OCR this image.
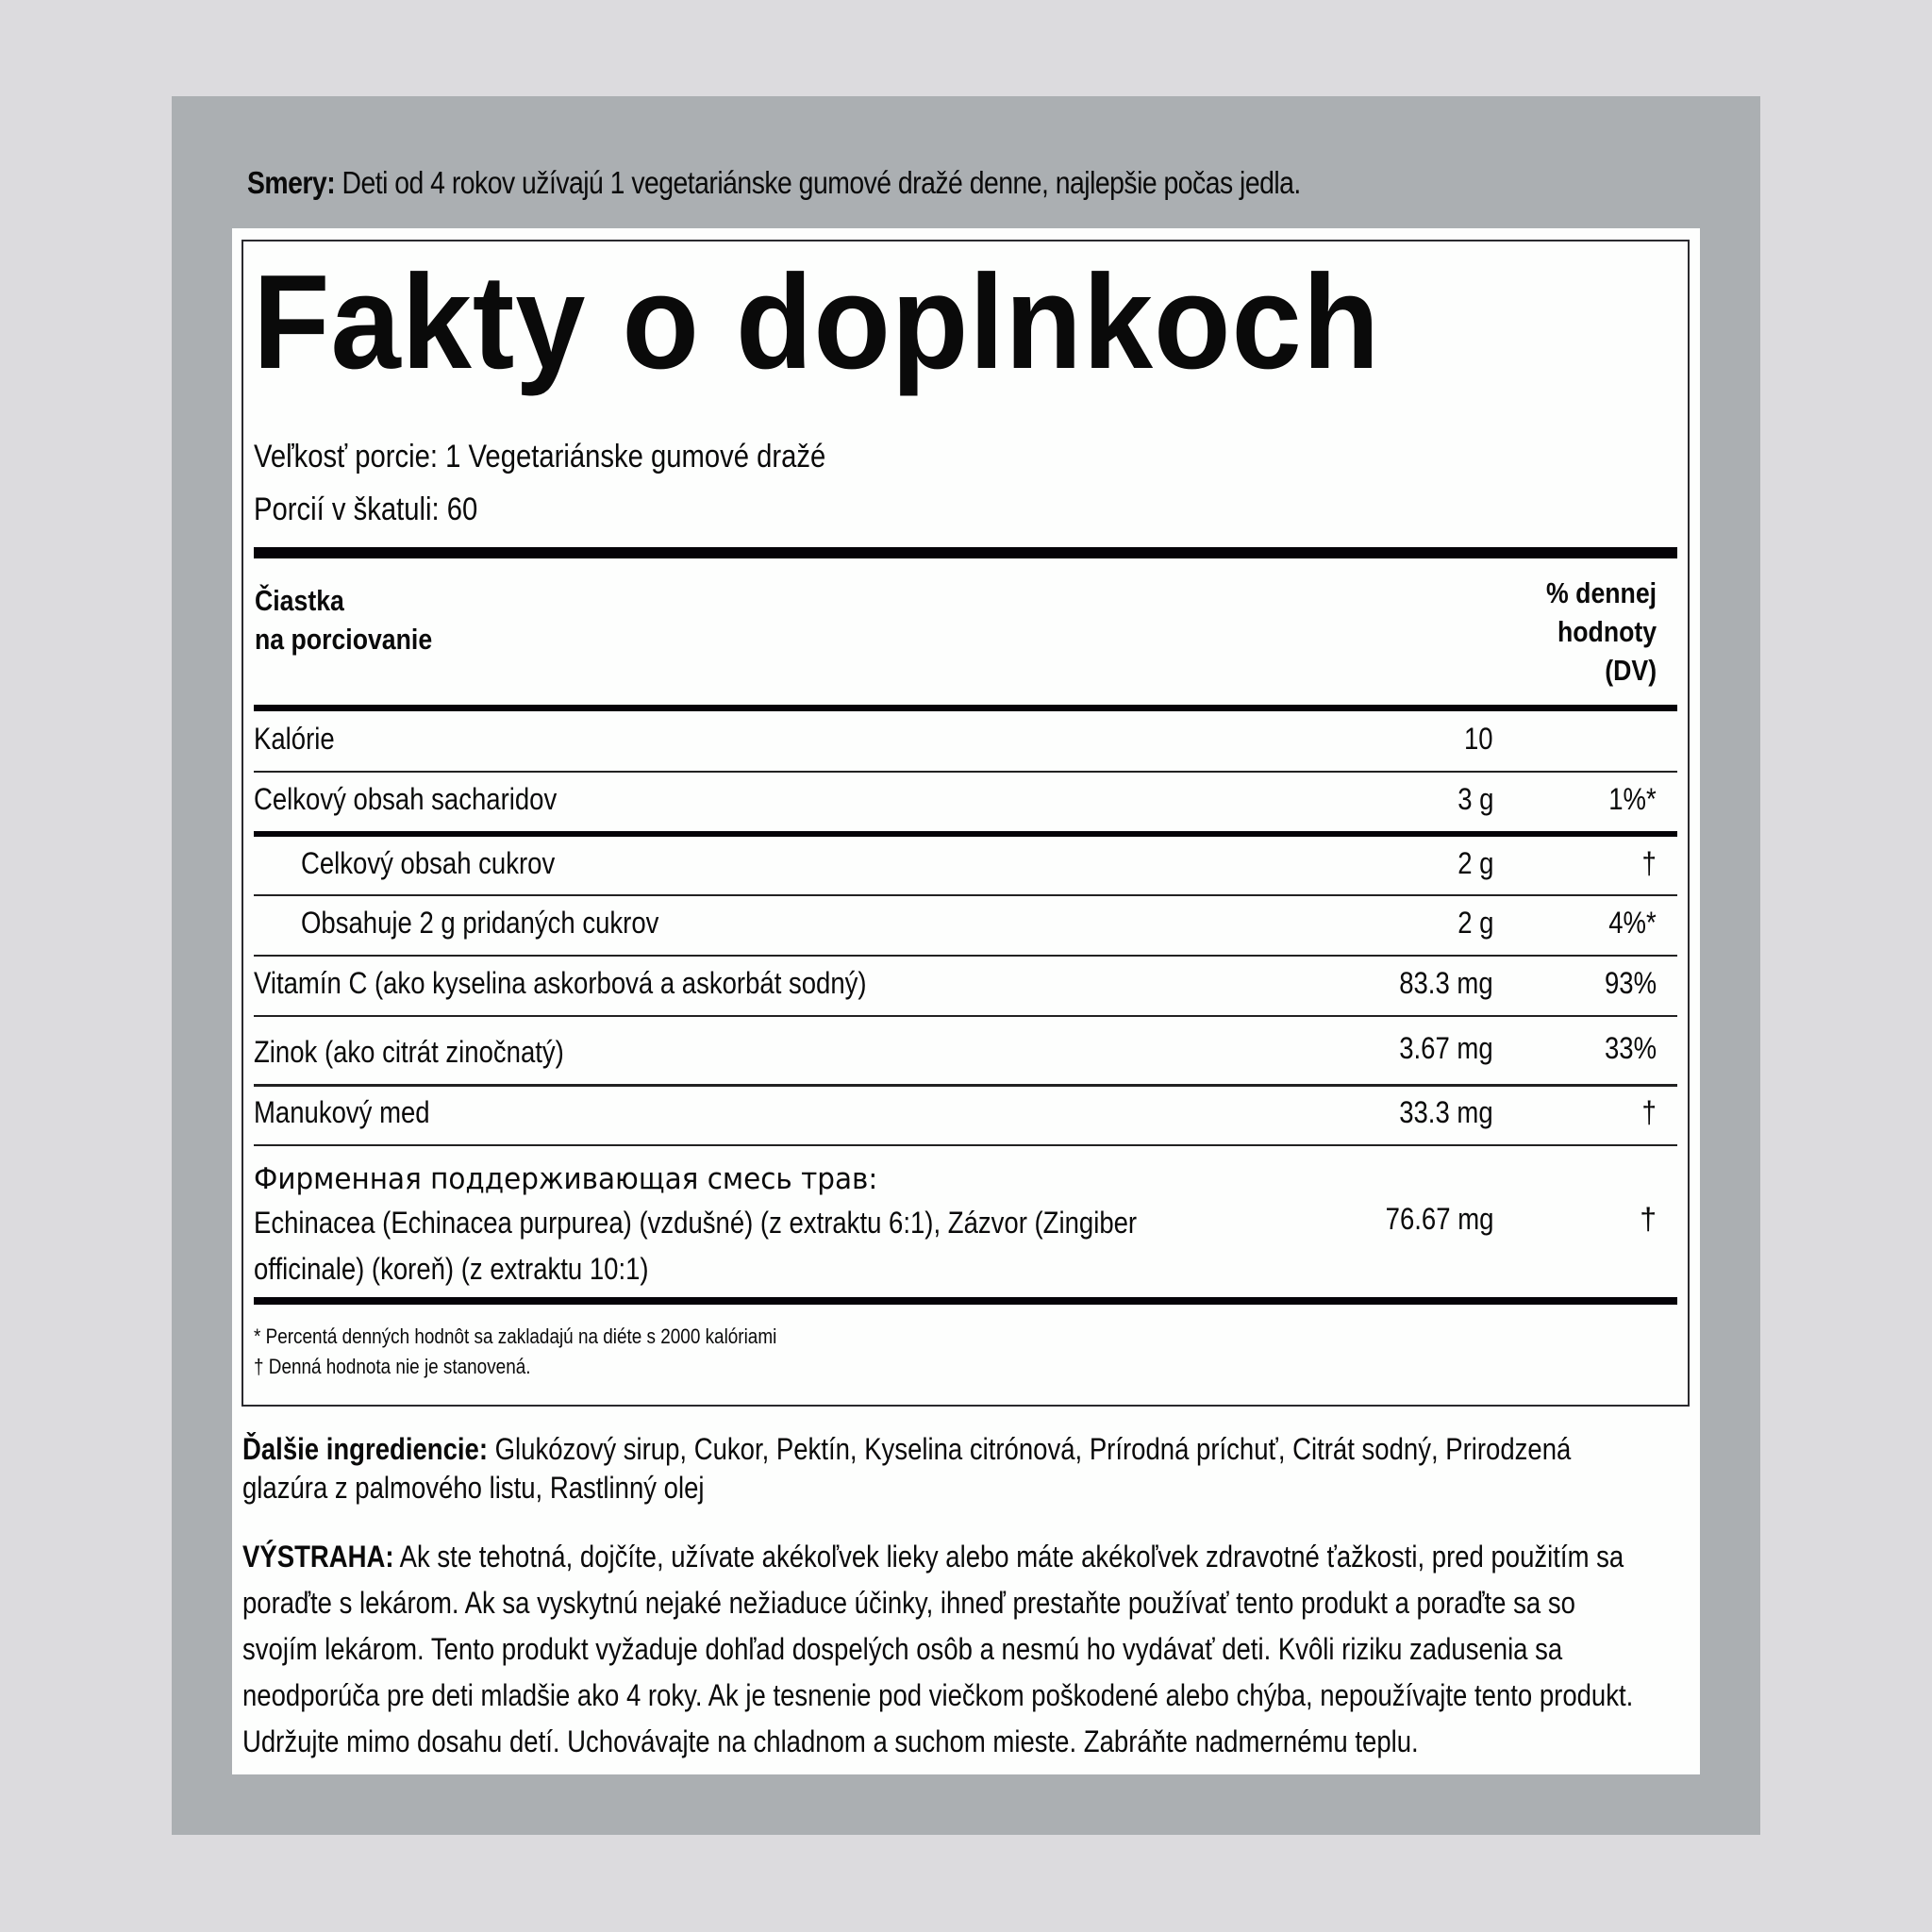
Smery: Deti od 4 rokov užívajú 1 vegetariánske gumové dražé denne, najlepšie počas jedla.
Fakty o doplnkoch
Veľkosť porcie: 1 Vegetariánske gumové dražé
Porcií v škatuli: 60
Čiastka
na porciovanie
% dennej
hodnoty
(DV)
Kalórie	10
Celkový obsah sacharidov	3 g	1%*
Celkový obsah cukrov	2 g	†
Obsahuje 2 g pridaných cukrov	2 g	4%*
Vitamín C (ako kyselina askorbová a askorbát sodný)	83.3 mg	93%
Zinok (ako citrát zinočnatý)	3.67 mg	33%
Manukový med	33.3 mg	†
Фирменная поддерживающая смесь трав:
Echinacea (Echinacea purpurea) (vzdušné) (z extraktu 6:1), Zázvor (Zingiber
officinale) (koreň) (z extraktu 10:1)
76.67 mg	†
* Percentá denných hodnôt sa zakladajú na diéte s 2000 kalóriami
† Denná hodnota nie je stanovená.
Ďalšie ingrediencie: Glukózový sirup, Cukor, Pektín, Kyselina citrónová, Prírodná príchuť, Citrát sodný, Prirodzená
glazúra z palmového listu, Rastlinný olej
VÝSTRAHA: Ak ste tehotná, dojčíte, užívate akékoľvek lieky alebo máte akékoľvek zdravotné ťažkosti, pred použitím sa
poraďte s lekárom. Ak sa vyskytnú nejaké nežiaduce účinky, ihneď prestaňte používať tento produkt a poraďte sa so
svojím lekárom. Tento produkt vyžaduje dohľad dospelých osôb a nesmú ho vydávať deti. Kvôli riziku zadusenia sa
neodporúča pre deti mladšie ako 4 roky. Ak je tesnenie pod viečkom poškodené alebo chýba, nepoužívajte tento produkt.
Udržujte mimo dosahu detí. Uchovávajte na chladnom a suchom mieste. Zabráňte nadmernému teplu.
